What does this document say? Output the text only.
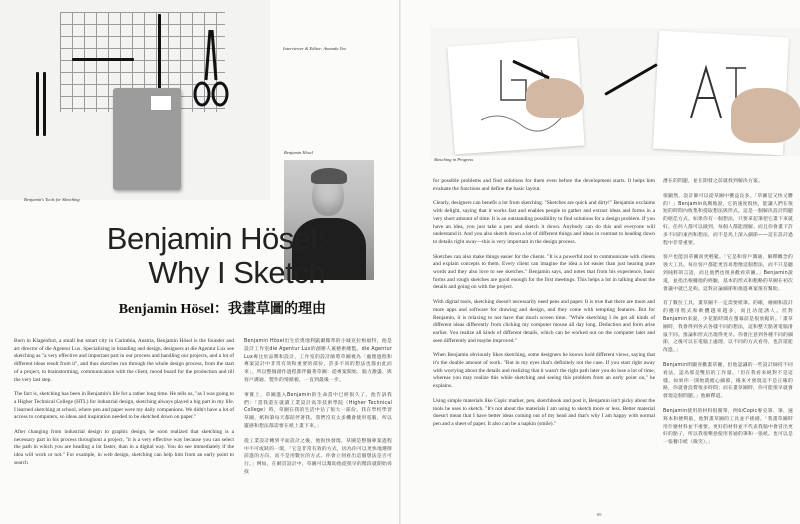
Benjamin's Tools for Sketching
Interviewer & Editor: Amanda Yoo
Benjamin Hösel
Benjamin Hösel:
Why I Sketch
Benjamin Hösel：我畫草圖的理由

Born in Klagenfurt, a small but smart city in Carinthia, Austria, Benjamin Hösel is the founder and art director of die Agentur Lux. Specializing in branding and design, designers at die Agentur Lux see sketching as "a very effective and important part in our process and handling our projects, and a lot of different ideas result from it", and thus sketches run through the whole design process, from the start of a project, to brainstorming, communication with the client, mood board for the production and till the very last step.

The fact is, sketching has been in Benjamin's life for a rather long time. He tells us, "as I was going to a Higher Technical College (HTL) for industrial design, sketching always played a big part in my life. I learned sketching at school, where pen and paper were my daily companions. We didn't have a lot of access to computers, so ideas and inspiration needed to be sketched down on paper."

After changing from industrial design to graphic design, he soon realized that sketching is a necessary part in his process throughout a project, "it is a very effective way because you can select the path in which you are heading a lot faster, than in a digital way. You do see immediately if the idea will work or not." For example, in web design, sketching can help him from an early point to search

Benjamin Hösel出生於奧地利凱爾滕邦的小城克拉根福特，他是設計工作室die Agentur Lux的創辦人兼藝術總監。die Agentur Lux專注於品牌和設計，工作室的設計師將草圖視為「處理過程和專案設計中非常有效和重要的部份，許多不同的想法也都由此而來」，所以整個創作過程都伴隨著草圖：從專案開始、腦力激盪、與客戶溝通、製作的情緒板，一直到最後一步。

事實上，草圖進入Benjamin的生命當中已經很久了。他告訴我們：「當我還在就讀工業設計高等技術學院（Higher Technical College）時，草圖在我的生活中佔了很大一部份。我在學校學習草圖，紙和筆每天都陪伴著我。我們沒有太多機會使用電腦，所以靈感和想法都需要在紙上畫下來。」

從工業設計轉到平面設計之後，他很快發現，草圖是整個專案過程中不可或缺的一環，「它是非常有效的方式，因為你可以更快地選擇前進的方向，而不是用數位的方式。你會立刻看出這個想法是否可行。」例如，在網頁設計中，草圖可以幫助他從很早的階段就開始尋找

Sketching in Progress

for possible problems and find solutions for them even before the development starts. It helps him evaluate the functions and define the basic layout.

Clearly, designers can benefit a lot from sketching. "Sketches are quick and dirty!" Benjamin exclaims with delight, saying that it works fast and enables people to gather and extract ideas and forms in a very short amount of time. It is an outstanding possibility to find solutions for a design problem. If you have an idea, you just take a pen and sketch it down. Anybody can do this and everyone will understand it. And you also sketch down a lot of different things and ideas in contrast to heading down to details right away—this is very important in the design process.

Sketches can also make things easier for the clients. "It is a powerful tool to communicate with clients and explain concepts to them. Every client can imagine the idea a lot easier than just hearing pure words and they also love to see sketches." Benjamin says, and notes that from his experience, basic forms and rough sketches are good enough for the first meetings. This helps a lot in talking about the details and going on with the project.

With digital tools, sketching doesn't necessarily need pens and paper. It is true that there are more and more apps and software for drawing and design, and they come with tempting features. But for Benjamin, it is relaxing to not have that much screen time. "While sketching I do get all kinds of different ideas differently from clicking my computer mouse all day long. Deduction and form arise earlier. You realize all kinds of different details, which can be worked out on the computer later and seen differently and maybe improved."

When Benjamin obviously likes sketching, some designers he knows hold different views, saying that it's the double amount of work. "But in my eyes that's definitely not the case. If you start right away with worrying about the details and realizing that it wasn't the right path later you do lose a lot of time, whereas you may realize this while sketching and seeing this problem from an early point on," he explains.

Using simple materials like Copic marker, pen, sketchbook and post it, Benjamin isn't picky about the tools he uses to sketch. "It's not about the materials I am using to sketch more or less. Better material doesn't mean that I have better ideas coming out of my head and that's why I am happy with normal pen and a sheet of paper. It also can be a napkin (smile)."

潛在的問題，並在開發之前就找到解決方案。

很顯然，設計師可以從草圖中獲益良多。「草圖是又快又髒的！」Benjamin高興地說，它的速度很快，能讓人們在很短的時間內收集和提取想法與形式。這是一個解決設計問題的絕佳方式。如果你有一個想法，只要拿起筆把它畫下來就好。任何人都可以做到，每個人都能理解。而且你會畫下許多不同的東西和想法，而不是馬上深入細節——這在設計過程中非常重要。

客戶也能因草圖而更輕鬆。「它是和客戶溝通、解釋概念的強大工具。每位客戶都能更容易想像這個想法，而不只是聽到純粹的言語，而且他們也很喜歡看草圖。」Benjamin說道，並指出根據他的經驗，基本的形式和粗略的草圖在初次會議中就已足夠。這對討論細節和推進專案很有幫助。

有了數位工具，畫草圖不一定需要紙筆。的確，繪圖和設計的應用程式和軟體越來越多，而且功能誘人。但對Benjamin來說，少花點時間在螢幕前是很放鬆的。「畫草圖時，我會得到各式各樣不同的想法，這和整天點著電腦滑鼠不同。推論和形式出現得更早。你會注意到各種不同的細節，之後可以在電腦上處理、以不同的方式看待，也許還能改進。」

Benjamin明顯喜歡畫草圖，但他認識的一些設計師持不同看法，認為那是雙倍的工作量。「但在我看來絕對不是這樣。如果你一開始就擔心細節，後來才發現這不是正確的路，你就會浪費很多時間；而在畫草圖時，你可能很早就會發現這個問題。」他解釋道。

Benjamin使用的材料很簡單，例如Copic麥克筆、筆、速寫本和便利貼，他對畫草圖的工具並不挑剔。「我畫草圖時用什麼材料並不重要。更好的材料並不代表我腦中會冒出更好的點子，所以我很樂意使用普通的筆和一張紙。也可以是一張餐巾紙（微笑）。」

69
